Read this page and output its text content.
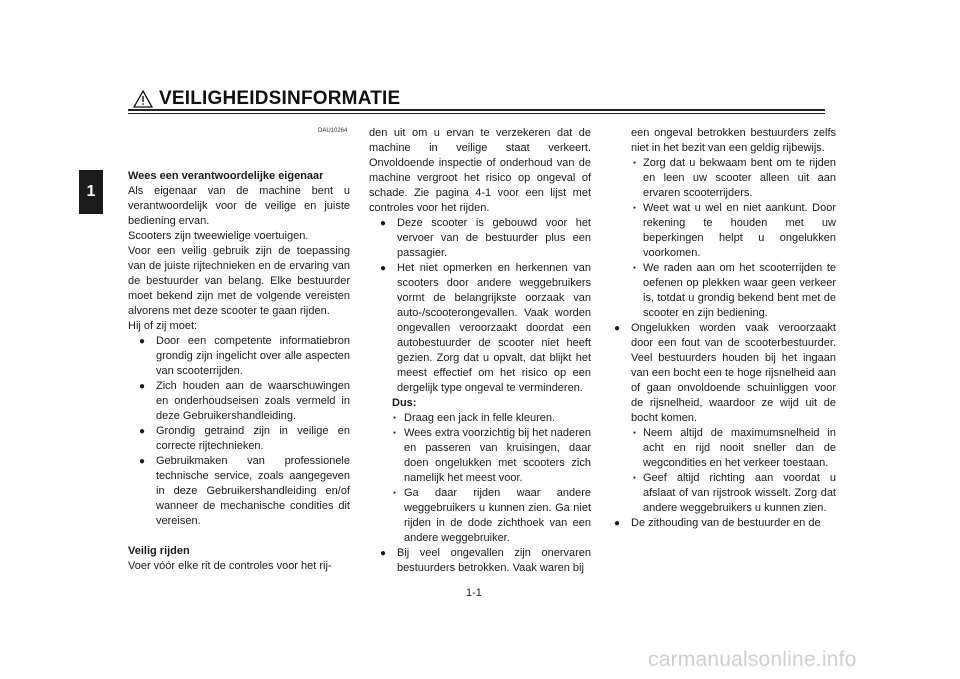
VEILIGHEIDSINFORMATIE
1
DAU10264
Wees een verantwoordelijke eigenaar

Als eigenaar van de machine bent u verantwoordelijk voor de veilige en juiste bediening ervan.

Scooters zijn tweewielige voertuigen.

Voor een veilig gebruik zijn de toepassing van de juiste rijtechnieken en de ervaring van de bestuurder van belang. Elke bestuurder moet bekend zijn met de volgende vereisten alvorens met deze scooter te gaan rijden.

Hij of zij moet:

● Door een competente informatiebron grondig zijn ingelicht over alle aspecten van scooterrijden.

● Zich houden aan de waarschuwingen en onderhoudseisen zoals vermeld in deze Gebruikershandleiding.

● Grondig getraind zijn in veilige en correcte rijtechnieken.

● Gebruikmaken van professionele technische service, zoals aangegeven in deze Gebruikershandleiding en/of wanneer de mechanische condities dit vereisen.

Veilig rijden

Voer vóór elke rit de controles voor het rij-

den uit om u ervan te verzekeren dat de machine in veilige staat verkeert. Onvoldoende inspectie of onderhoud van de machine vergroot het risico op ongeval of schade. Zie pagina 4-1 voor een lijst met controles voor het rijden.

● Deze scooter is gebouwd voor het vervoer van de bestuurder plus een passagier.

● Het niet opmerken en herkennen van scooters door andere weggebruikers vormt de belangrijkste oorzaak van auto-/scooterongevallen. Vaak worden ongevallen veroorzaakt doordat een autobestuurder de scooter niet heeft gezien. Zorg dat u opvalt, dat blijkt het meest effectief om het risico op een dergelijk type ongeval te verminderen.

Dus:

● Draag een jack in felle kleuren.

● Wees extra voorzichtig bij het naderen en passeren van kruisingen, daar doen ongelukken met scooters zich namelijk het meest voor.

● Ga daar rijden waar andere weggebruikers u kunnen zien. Ga niet rijden in de dode zichthoek van een andere weggebruiker.

● Bij veel ongevallen zijn onervaren bestuurders betrokken. Vaak waren bij

een ongeval betrokken bestuurders zelfs niet in het bezit van een geldig rijbewijs.

● Zorg dat u bekwaam bent om te rijden en leen uw scooter alleen uit aan ervaren scooterrijders.

● Weet wat u wel en niet aankunt. Door rekening te houden met uw beperkingen helpt u ongelukken voorkomen.

● We raden aan om het scooterrijden te oefenen op plekken waar geen verkeer is, totdat u grondig bekend bent met de scooter en zijn bediening.

● Ongelukken worden vaak veroorzaakt door een fout van de scooterbestuurder. Veel bestuurders houden bij het ingaan van een bocht een te hoge rijsnelheid aan of gaan onvoldoende schuinliggen voor de rijsnelheid, waardoor ze wijd uit de bocht komen.

● Neem altijd de maximumsnelheid in acht en rijd nooit sneller dan de wegcondities en het verkeer toestaan.

● Geef altijd richting aan voordat u afslaat of van rijstrook wisselt. Zorg dat andere weggebruikers u kunnen zien.

● De zithouding van de bestuurder en de

1-1
carmanualsonline.info
